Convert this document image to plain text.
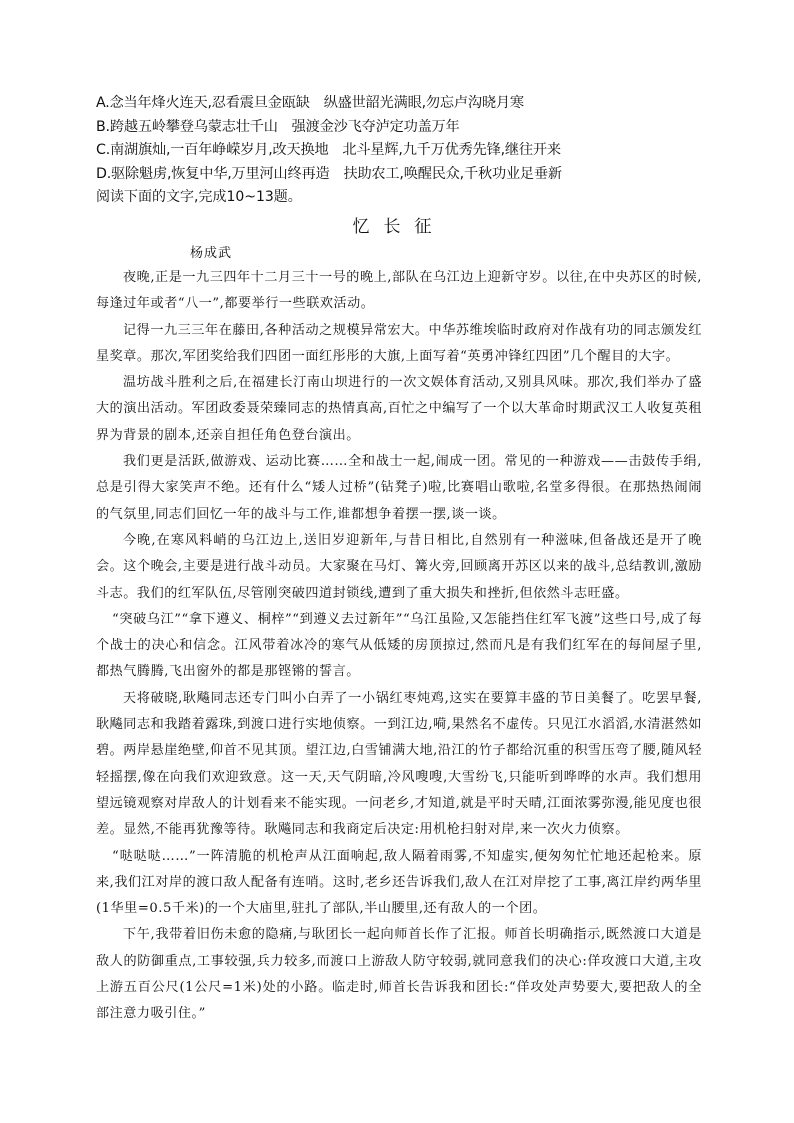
A.念当年烽火连天,忍看震旦金瓯缺　纵盛世韶光满眼,勿忘卢沟晓月寒
B.跨越五岭攀登乌蒙志壮千山　强渡金沙飞夺泸定功盖万年
C.南湖旗灿,一百年峥嵘岁月,改天换地　北斗星辉,九千万优秀先锋,继往开来
D.驱除魁虏,恢复中华,万里河山终再造　扶助农工,唤醒民众,千秋功业足垂新
阅读下面的文字,完成10~13题。
忆长征
杨成武

夜晚,正是一九三四年十二月三十一号的晚上,部队在乌江边上迎新守岁。以往,在中央苏区的时候,每逢过年或者“八一”,都要举行一些联欢活动。

记得一九三三年在藤田,各种活动之规模异常宏大。中华苏维埃临时政府对作战有功的同志颁发红星奖章。那次,军团奖给我们四团一面红彤彤的大旗,上面写着“英勇冲锋红四团”几个醒目的大字。

温坊战斗胜利之后,在福建长汀南山坝进行的一次文娱体育活动,又别具风味。那次,我们举办了盛大的演出活动。军团政委聂荣臻同志的热情真高,百忙之中编写了一个以大革命时期武汉工人收复英租界为背景的剧本,还亲自担任角色登台演出。

我们更是活跃,做游戏、运动比赛……全和战士一起,闹成一团。常见的一种游戏——击鼓传手绢,总是引得大家笑声不绝。还有什么“矮人过桥”(钻凳子)啦,比赛唱山歌啦,名堂多得很。在那热热闹闹的气氛里,同志们回忆一年的战斗与工作,谁都想争着摆一摆,谈一谈。

今晚,在寒风料峭的乌江边上,送旧岁迎新年,与昔日相比,自然别有一种滋味,但备战还是开了晚会。这个晚会,主要是进行战斗动员。大家聚在马灯、篝火旁,回顾离开苏区以来的战斗,总结教训,激励斗志。我们的红军队伍,尽管刚突破四道封锁线,遭到了重大损失和挫折,但依然斗志旺盛。

“突破乌江”“拿下遵义、桐梓”“到遵义去过新年”“乌江虽险,又怎能挡住红军飞渡”这些口号,成了每个战士的决心和信念。江风带着冰冷的寒气从低矮的房顶掠过,然而凡是有我们红军在的每间屋子里,都热气腾腾,飞出窗外的都是那铿锵的誓言。

天将破晓,耿飚同志还专门叫小白弄了一小锅红枣炖鸡,这实在要算丰盛的节日美餐了。吃罢早餐,耿飚同志和我踏着露珠,到渡口进行实地侦察。一到江边,嗬,果然名不虚传。只见江水滔滔,水清湛然如碧。两岸悬崖绝壁,仰首不见其顶。望江边,白雪铺满大地,沿江的竹子都给沉重的积雪压弯了腰,随风轻轻摇摆,像在向我们欢迎致意。这一天,天气阴暗,冷风嗖嗖,大雪纷飞,只能听到哗哗的水声。我们想用望远镜观察对岸敌人的计划看来不能实现。一问老乡,才知道,就是平时天晴,江面浓雾弥漫,能见度也很差。显然,不能再犹豫等待。耿飚同志和我商定后决定:用机枪扫射对岸,来一次火力侦察。

“哒哒哒……”一阵清脆的机枪声从江面响起,敌人隔着雨雾,不知虚实,便匆匆忙忙地还起枪来。原来,我们江对岸的渡口敌人配备有连哨。这时,老乡还告诉我们,敌人在江对岸挖了工事,离江岸约两华里(1华里=0.5千米)的一个大庙里,驻扎了部队,半山腰里,还有敌人的一个团。

下午,我带着旧伤未愈的隐痛,与耿团长一起向师首长作了汇报。师首长明确指示,既然渡口大道是敌人的防御重点,工事较强,兵力较多,而渡口上游敌人防守较弱,就同意我们的决心:佯攻渡口大道,主攻上游五百公尺(1公尺=1米)处的小路。临走时,师首长告诉我和团长:“佯攻处声势要大,要把敌人的全部注意力吸引住。”
